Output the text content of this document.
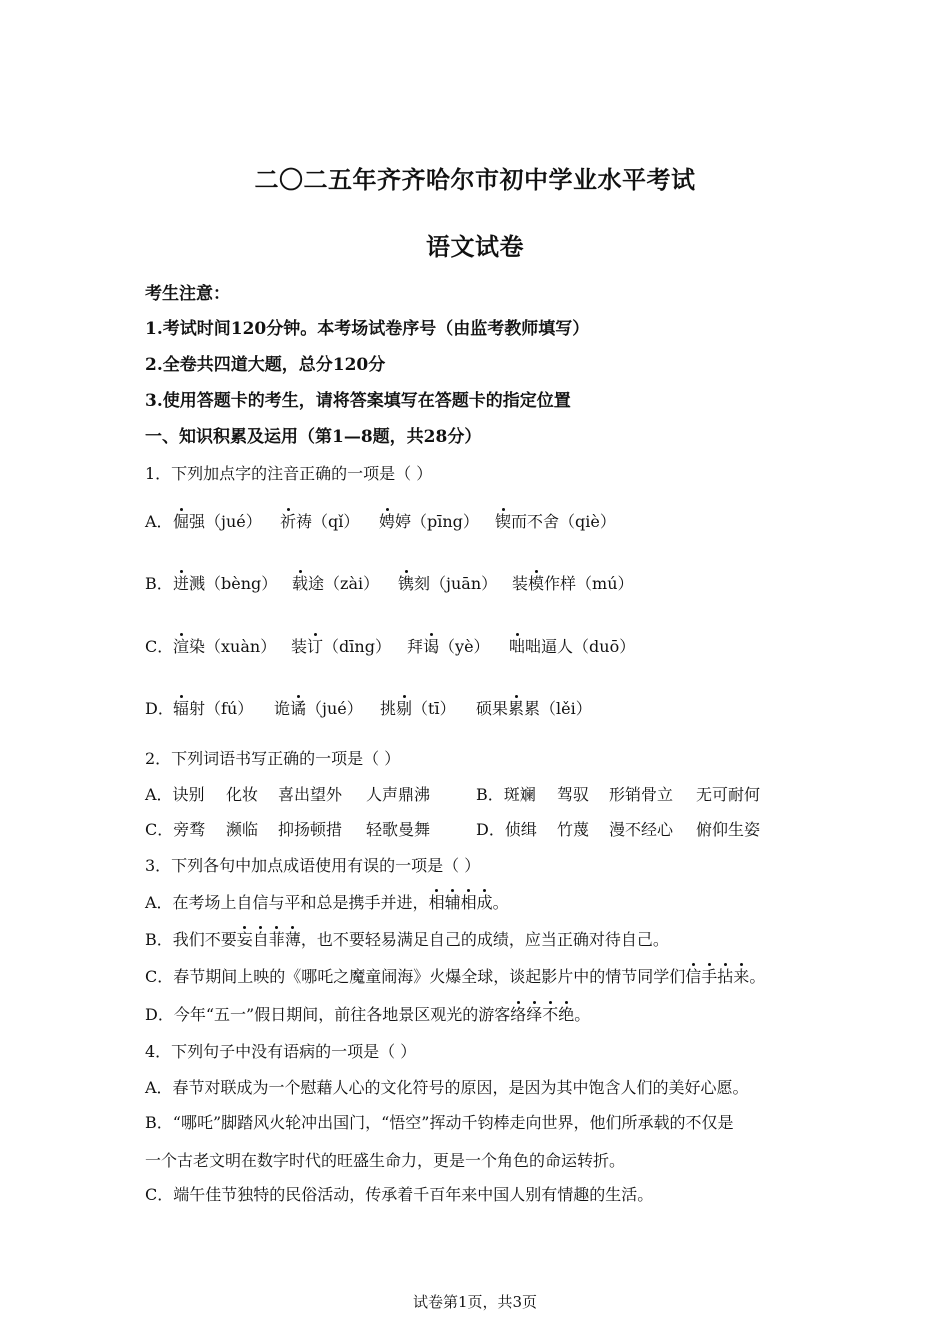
二〇二五年齐齐哈尔市初中学业水平考试
语文试卷
考生注意：
1.考试时间120分钟。本考场试卷序号（由监考教师填写）
2.全卷共四道大题，总分120分
3.使用答题卡的考生，请将答案填写在答题卡的指定位置
一、知识积累及运用（第1—8题，共28分）
1．下列加点字的注音正确的一项是（ ）
A． 倔强（jué） 祈祷（qǐ） 娉婷（pīng） 锲而不舍（qiè）
B． 迸溅（bèng） 载途（zài） 镌刻（juān） 装模作样（mú）
C． 渲染（xuàn） 装订（dīng） 拜谒（yè） 咄咄逼人（duō）
D． 辐射（fú） 诡谲（jué） 挑剔（tī） 硕果累累（lěi）
2．下列词语书写正确的一项是（ ）
A．诀别 化妆 喜出望外 人声鼎沸	B．斑斓 驾驭 形销骨立 无可耐何
C．旁骛 濒临 抑扬顿措 轻歌曼舞	D．侦缉 竹蔑 漫不经心 俯仰生姿
3．下列各句中加点成语使用有误的一项是（ ）
A．在考场上自信与平和总是携手并进，相辅相成。
B．我们不要妄自菲薄，也不要轻易满足自己的成绩，应当正确对待自己。
C．春节期间上映的《哪吒之魔童闹海》火爆全球，谈起影片中的情节同学们信手拈来。
D．今年“五一”假日期间，前往各地景区观光的游客络绎不绝。
4．下列句子中没有语病的一项是（ ）
A．春节对联成为一个慰藉人心的文化符号的原因，是因为其中饱含人们的美好心愿。
B．“哪吒”脚踏风火轮冲出国门，“悟空”挥动千钧棒走向世界，他们所承载的不仅是
一个古老文明在数字时代的旺盛生命力，更是一个角色的命运转折。
C．端午佳节独特的民俗活动，传承着千百年来中国人别有情趣的生活。
试卷第1页，共3页
